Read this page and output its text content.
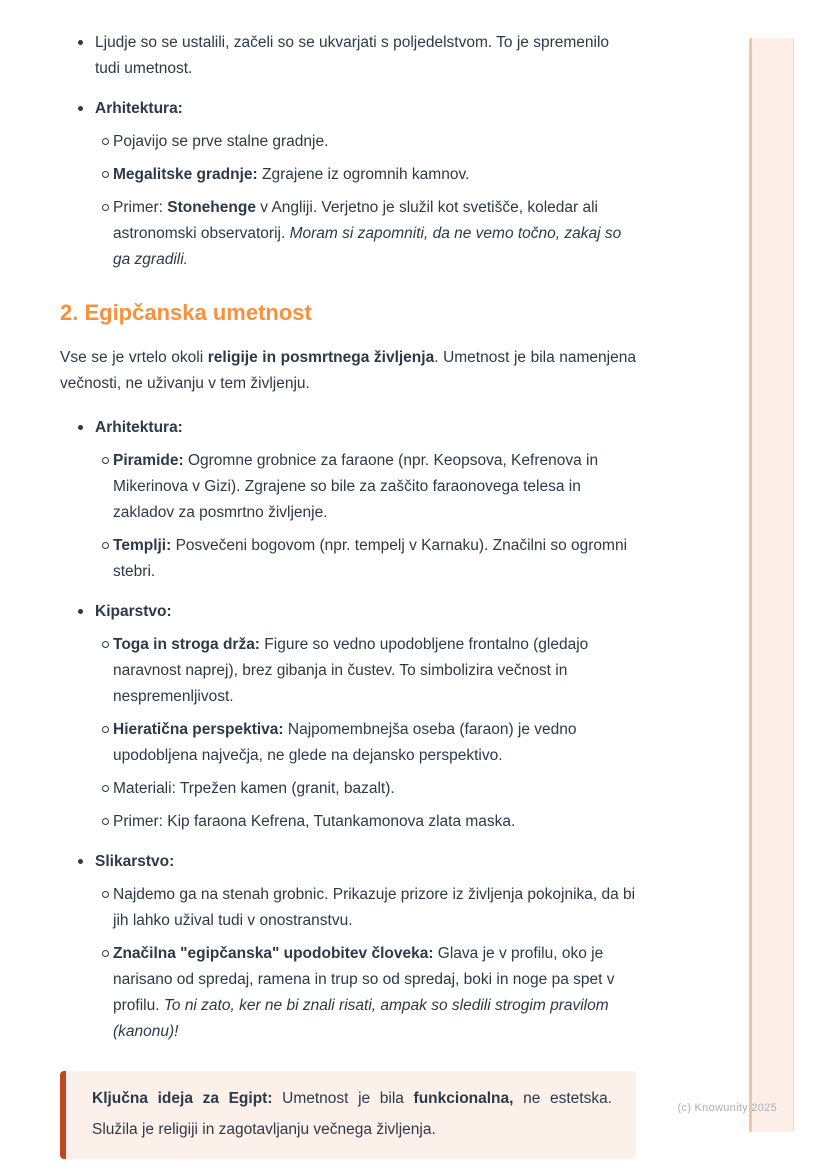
Ljudje so se ustalili, začeli so se ukvarjati s poljedelstvom. To je spremenilo tudi umetnost.
Arhitektura:
Pojavijo se prve stalne gradnje.
Megalitske gradnje: Zgrajene iz ogromnih kamnov.
Primer: Stonehenge v Angliji. Verjetno je služil kot svetišče, koledar ali astronomski observatorij. Moram si zapomniti, da ne vemo točno, zakaj so ga zgradili.
2. Egipčanska umetnost

Vse se je vrtelo okoli religije in posmrtnega življenja. Umetnost je bila namenjena večnosti, ne uživanju v tem življenju.

Arhitektura:
Piramide: Ogromne grobnice za faraone (npr. Keopsova, Kefrenova in Mikerinova v Gizi). Zgrajene so bile za zaščito faraonovega telesa in zakladov za posmrtno življenje.
Templji: Posvečeni bogovom (npr. tempelj v Karnaku). Značilni so ogromni stebri.
Kiparstvo:
Toga in stroga drža: Figure so vedno upodobljene frontalno (gledajo naravnost naprej), brez gibanja in čustev. To simbolizira večnost in nespremenljivost.
Hieratična perspektiva: Najpomembnejša oseba (faraon) je vedno upodobljena največja, ne glede na dejansko perspektivo.
Materiali: Trpežen kamen (granit, bazalt).
Primer: Kip faraona Kefrena, Tutankamonova zlata maska.
Slikarstvo:
Najdemo ga na stenah grobnic. Prikazuje prizore iz življenja pokojnika, da bi jih lahko užival tudi v onostranstvu.
Značilna "egipčanska" upodobitev človeka: Glava je v profilu, oko je narisano od spredaj, ramena in trup so od spredaj, boki in noge pa spet v profilu. To ni zato, ker ne bi znali risati, ampak so sledili strogim pravilom (kanonu)!
Ključna ideja za Egipt: Umetnost je bila funkcionalna, ne estetska. Služila je religiji in zagotavljanju večnega življenja.
(c) Knowunity 2025
